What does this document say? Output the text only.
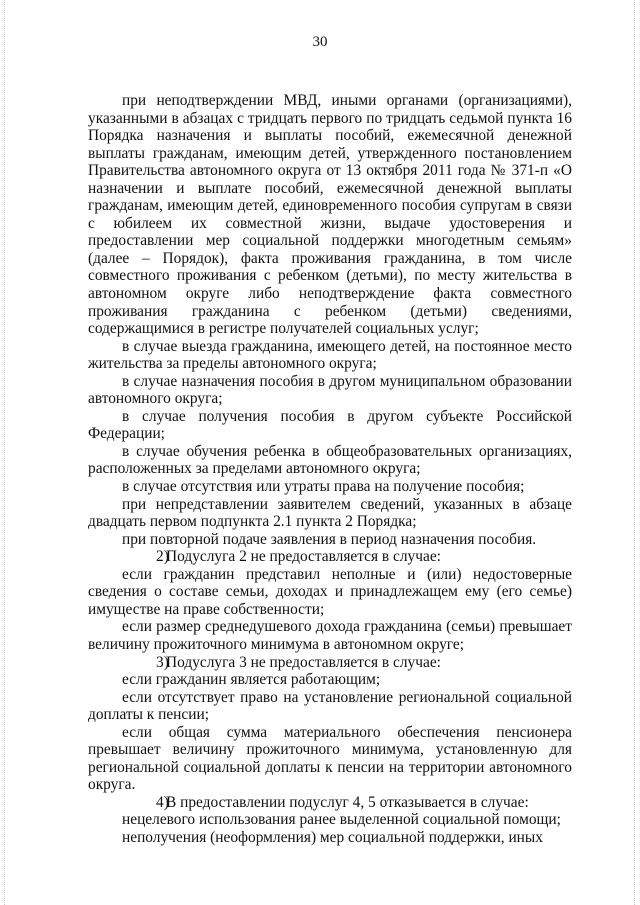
30

при неподтверждении МВД, иными органами (организациями), указанными в абзацах с тридцать первого по тридцать седьмой пункта 16 Порядка назначения и выплаты пособий, ежемесячной денежной выплаты гражданам, имеющим детей, утвержденного постановлением Правительства автономного округа от 13 октября 2011 года № 371-п «О назначении и выплате пособий, ежемесячной денежной выплаты гражданам, имеющим детей, единовременного пособия супругам в связи с юбилеем их совместной жизни, выдаче удостоверения и предоставлении мер социальной поддержки многодетным семьям» (далее – Порядок), факта проживания гражданина, в том числе совместного проживания с ребенком (детьми), по месту жительства в автономном округе либо неподтверждение факта совместного проживания гражданина с ребенком (детьми) сведениями, содержащимися в регистре получателей социальных услуг;

в случае выезда гражданина, имеющего детей, на постоянное место жительства за пределы автономного округа;

в случае назначения пособия в другом муниципальном образовании автономного округа;

в случае получения пособия в другом субъекте Российской Федерации;

в случае обучения ребенка в общеобразовательных организациях, расположенных за пределами автономного округа;

в случае отсутствия или утраты права на получение пособия;

при непредставлении заявителем сведений, указанных в абзаце двадцать первом подпункта 2.1 пункта 2 Порядка;

при повторной подаче заявления в период назначения пособия.

2)Подуслуга 2 не предоставляется в случае:

если гражданин представил неполные и (или) недостоверные сведения о составе семьи, доходах и принадлежащем ему (его семье) имуществе на праве собственности;

если размер среднедушевого дохода гражданина (семьи) превышает величину прожиточного минимума в автономном округе;

3)Подуслуга 3 не предоставляется в случае:

если гражданин является работающим;

если отсутствует право на установление региональной социальной доплаты к пенсии;

если общая сумма материального обеспечения пенсионера превышает величину прожиточного минимума, установленную для региональной социальной доплаты к пенсии на территории автономного округа.

4)В предоставлении подуслуг 4, 5 отказывается в случае:

нецелевого использования ранее выделенной социальной помощи;

неполучения (неоформления) мер социальной поддержки, иных
